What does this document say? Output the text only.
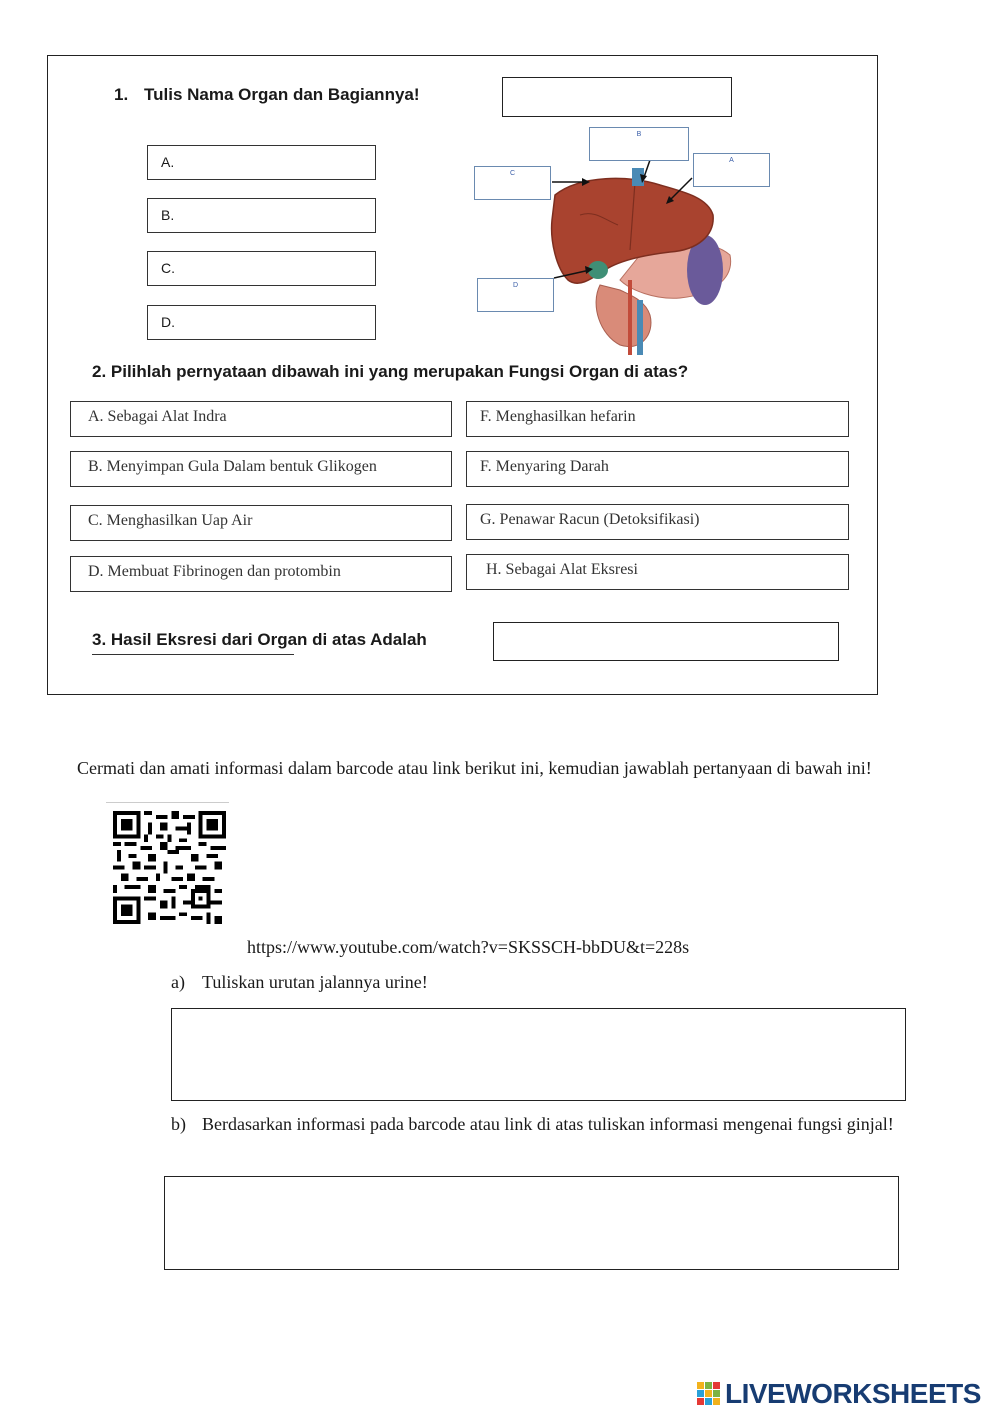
1. Tulis Nama Organ dan Bagiannya!
A.
B.
C.
D.
B
A
C
D
2. Pilihlah pernyataan dibawah ini yang merupakan Fungsi Organ di atas?
A. Sebagai Alat Indra
B. Menyimpan Gula Dalam bentuk Glikogen
C. Menghasilkan Uap Air
D. Membuat Fibrinogen dan protombin
F. Menghasilkan hefarin
F. Menyaring Darah
G. Penawar Racun (Detoksifikasi)
H. Sebagai Alat Eksresi
3. Hasil Eksresi dari Organ di atas Adalah
Cermati dan amati informasi dalam barcode atau link berikut ini, kemudian jawablah pertanyaan di bawah ini!
https://www.youtube.com/watch?v=SKSSCH-bbDU&t=228s
a) Tuliskan urutan jalannya urine!
b) Berdasarkan informasi pada barcode atau link di atas tuliskan informasi mengenai fungsi ginjal!
LIVEWORKSHEETS
